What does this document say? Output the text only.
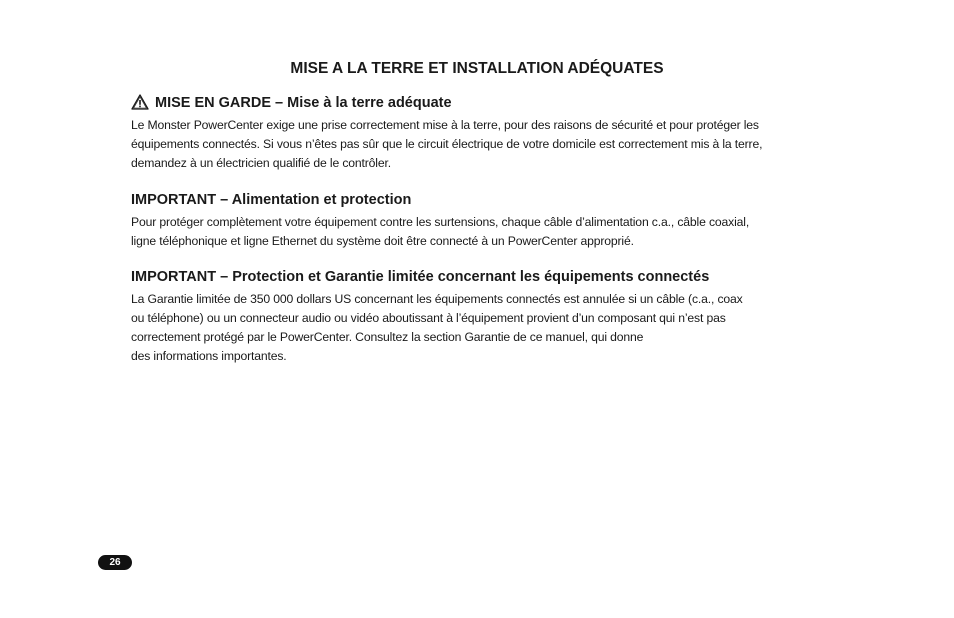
MISE A LA TERRE ET INSTALLATION ADÉQUATES
MISE EN GARDE – Mise à la terre adéquate

Le Monster PowerCenter exige une prise correctement mise à la terre, pour des raisons de sécurité et pour protéger les
équipements connectés. Si vous n’êtes pas sûr que le circuit électrique de votre domicile est correctement mis à la terre,
demandez à un électricien qualifié de le contrôler.

IMPORTANT – Alimentation et protection

Pour protéger complètement votre équipement contre les surtensions, chaque câble d’alimentation c.a., câble coaxial,
ligne téléphonique et ligne Ethernet du système doit être connecté à un PowerCenter approprié.

IMPORTANT – Protection et Garantie limitée concernant les équipements connectés

La Garantie limitée de 350 000 dollars US concernant les équipements connectés est annulée si un câble (c.a., coax
ou téléphone) ou un connecteur audio ou vidéo aboutissant à l’équipement provient d’un composant qui n’est pas
correctement protégé par le PowerCenter. Consultez la section Garantie de ce manuel, qui donne
des informations importantes.

26
